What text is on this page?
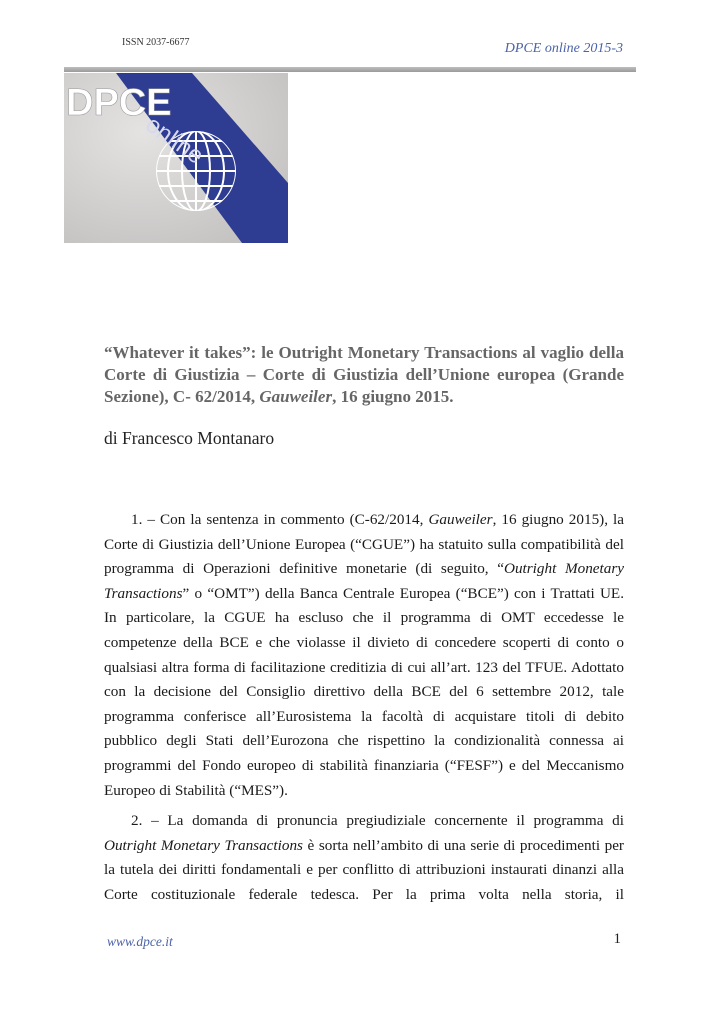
ISSN 2037-6677	DPCE online 2015-3
DPCE
online
“Whatever it takes”: le Outright Monetary Transactions al vaglio della Corte di Giustizia – Corte di Giustizia dell’Unione europea (Grande Sezione), C- 62/2014, Gauweiler, 16 giugno 2015.
di Francesco Montanaro

1. – Con la sentenza in commento (C-62/2014, Gauweiler, 16 giugno 2015), la Corte di Giustizia dell’Unione Europea (“CGUE”) ha statuito sulla compatibilità del programma di Operazioni definitive monetarie (di seguito, “Outright Monetary Transactions” o “OMT”) della Banca Centrale Europea (“BCE”) con i Trattati UE. In particolare, la CGUE ha escluso che il programma di OMT eccedesse le competenze della BCE e che violasse il divieto di concedere scoperti di conto o qualsiasi altra forma di facilitazione creditizia di cui all’art. 123 del TFUE. Adottato con la decisione del Consiglio direttivo della BCE del 6 settembre 2012, tale programma conferisce all’Eurosistema la facoltà di acquistare titoli di debito pubblico degli Stati dell’Eurozona che rispettino la condizionalità connessa ai programmi del Fondo europeo di stabilità finanziaria (“FESF”) e del Meccanismo Europeo di Stabilità (“MES”).

2. – La domanda di pronuncia pregiudiziale concernente il programma di Outright Monetary Transactions è sorta nell’ambito di una serie di procedimenti per la tutela dei diritti fondamentali e per conflitto di attribuzioni instaurati dinanzi alla Corte costituzionale federale tedesca. Per la prima volta nella storia, il

www.dpce.it	1
